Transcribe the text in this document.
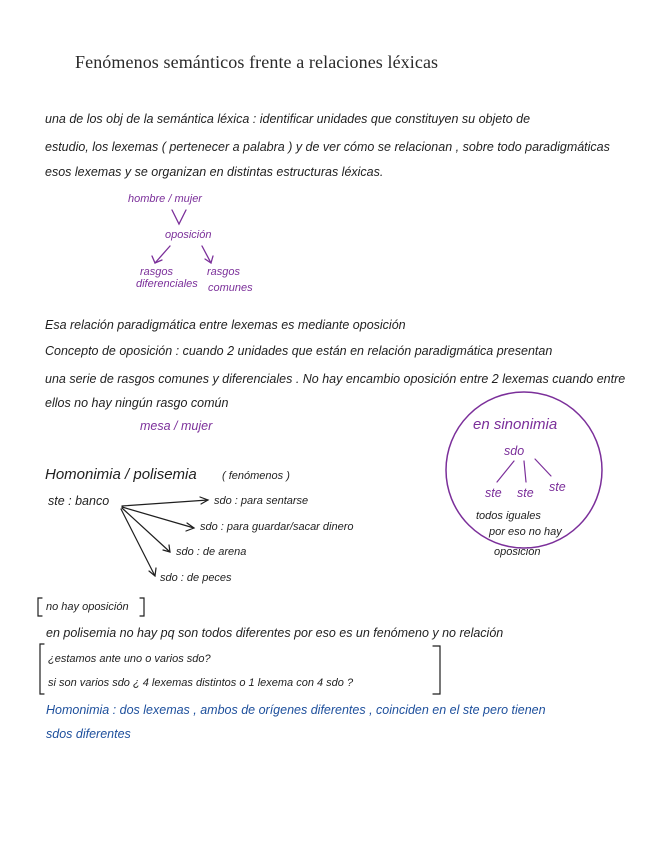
Fenómenos semánticos frente a relaciones léxicas
una de los obj de la semántica léxica : identificar unidades que constituyen su objeto de
estudio, los lexemas ( pertenecer a palabra ) y de ver cómo se relacionan , sobre todo paradigmáticas
esos lexemas y se organizan en distintas estructuras léxicas.
hombre / mujer
oposición
rasgos
diferenciales
rasgos
comunes
Esa relación paradigmática entre lexemas es mediante oposición
Concepto de oposición : cuando 2 unidades que están en relación paradigmática presentan
una serie de rasgos comunes y diferenciales . No hay encambio oposición entre 2 lexemas cuando entre
ellos no hay ningún rasgo común
mesa / mujer	en sinonimia
sdo
ste ste ste
todos iguales
por eso no hay
oposición
Homonimia / polisemia ( fenómenos )
ste : banco	sdo : para sentarse
sdo : para guardar/sacar dinero
sdo : de arena
sdo : de peces
no hay oposición
en polisemia no hay pq son todos diferentes por eso es un fenómeno y no relación
¿estamos ante uno o varios sdo?
si son varios sdo ¿ 4 lexemas distintos o 1 lexema con 4 sdo ?
Homonimia : dos lexemas , ambos de orígenes diferentes , coinciden en el ste pero tienen
sdos diferentes
